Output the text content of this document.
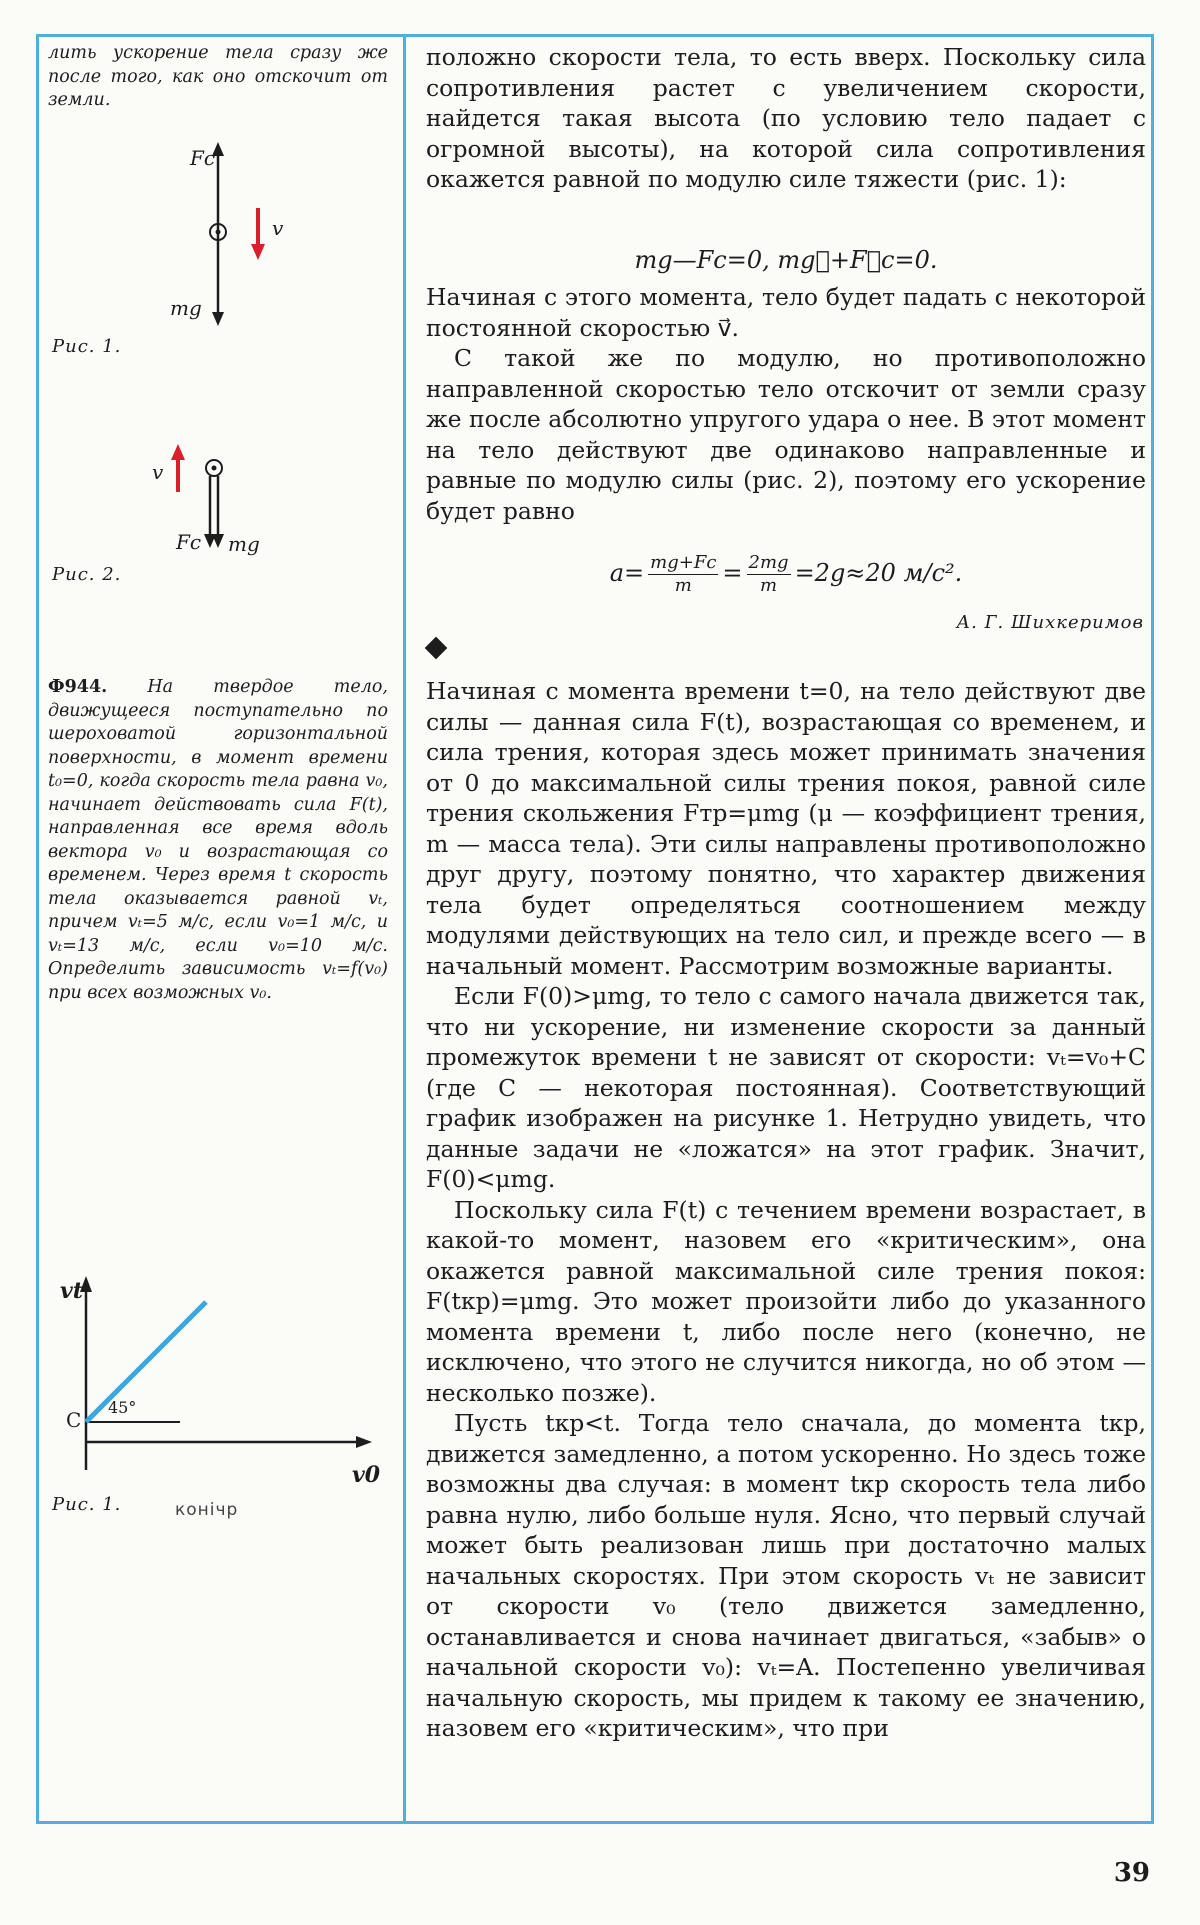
лить ускорение тела сразу же после того, как оно отскочит от земли.
Fc
v
mg
Рис. 1.
v
Fc mg
Рис. 2.
Ф944. На твердое тело, движущееся поступательно по шероховатой горизонтальной поверхности, в момент времени t₀=0, когда скорость тела равна v₀, начинает действовать сила F(t), направленная все время вдоль вектора v₀ и возрастающая со временем. Через время t скорость тела оказывается равной vₜ, причем vₜ=5 м/с, если v₀=1 м/с, и vₜ=13 м/с, если v₀=10 м/с. Определить зависимость vₜ=f(v₀) при всех возможных v₀.
vt
C
45°
v0
Рис. 1.	конічр

положно скорости тела, то есть вверх. Поскольку сила сопротивления растет с увеличением скорости, найдется такая высота (по условию тело падает с огромной высоты), на которой сила сопротивления окажется равной по модулю силе тяжести (рис. 1):

mg—Fс=0, mg⃗+F⃗с=0.

Начиная с этого момента, тело будет падать с некоторой постоянной скоростью v⃗.

С такой же по модулю, но противоположно направленной скоростью тело отскочит от земли сразу же после абсолютно упругого удара о нее. В этот момент на тело действуют две одинаково направленные и равные по модулю силы (рис. 2), поэтому его ускорение будет равно

$a= \frac{mg+Fс}{m} = \frac{2mg}{m} =2g\approx 20$ м/с².
А. Г. Шихкеримов

Начиная с момента времени t=0, на тело действуют две силы — данная сила F(t), возрастающая со временем, и сила трения, которая здесь может принимать значения от 0 до максимальной силы трения покоя, равной силе трения скольжения Fтр=μmg (μ — коэффициент трения, m — масса тела). Эти силы направлены противоположно друг другу, поэтому понятно, что характер движения тела будет определяться соотношением между модулями действующих на тело сил, и прежде всего — в начальный момент. Рассмотрим возможные варианты.

Если F(0)>μmg, то тело с самого начала движется так, что ни ускорение, ни изменение скорости за данный промежуток времени t не зависят от скорости: vₜ=v₀+C (где C — некоторая постоянная). Соответствующий график изображен на рисунке 1. Нетрудно увидеть, что данные задачи не «ложатся» на этот график. Значит, F(0)<μmg.

Поскольку сила F(t) с течением времени возрастает, в какой-то момент, назовем его «критическим», она окажется равной максимальной силе трения покоя: F(tкр)=μmg. Это может произойти либо до указанного момента времени t, либо после него (конечно, не исключено, что этого не случится никогда, но об этом — несколько позже).

Пусть tкр<t. Тогда тело сначала, до момента tкр, движется замедленно, а потом ускоренно. Но здесь тоже возможны два случая: в момент tкр скорость тела либо равна нулю, либо больше нуля. Ясно, что первый случай может быть реализован лишь при достаточно малых начальных скоростях. При этом скорость vₜ не зависит от скорости v₀ (тело движется замедленно, останавливается и снова начинает двигаться, «забыв» о начальной скорости v₀): vₜ=A. Постепенно увеличивая начальную скорость, мы придем к такому ее значению, назовем его «критическим», что при

39
